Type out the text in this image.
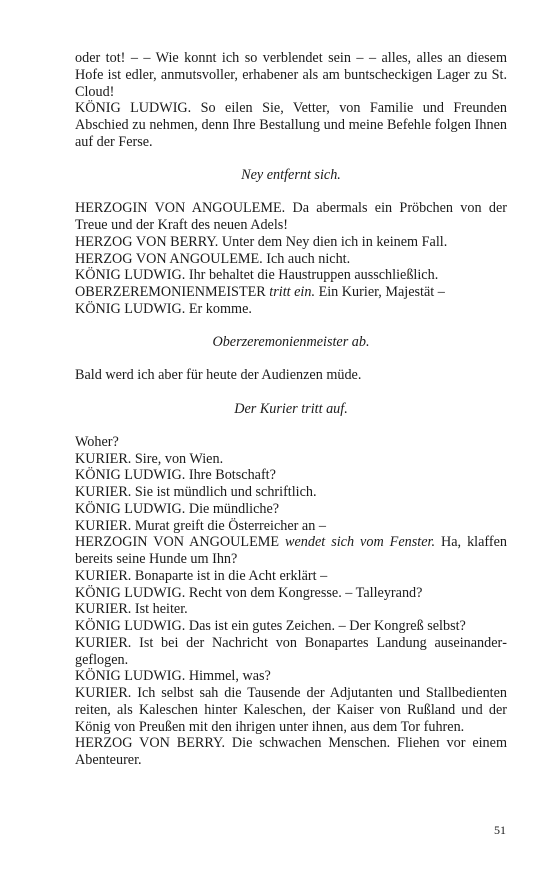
oder tot! – – Wie konnt ich so verblendet sein – – alles, alles an diesem Hofe ist edler, anmutsvoller, erhabener als am buntscheckigen Lager zu St. Cloud!

KÖNIG LUDWIG. So eilen Sie, Vetter, von Familie und Freunden Abschied zu nehmen, denn Ihre Bestallung und meine Befehle folgen Ihnen auf der Ferse.

Ney entfernt sich.

HERZOGIN VON ANGOULEME. Da abermals ein Pröbchen von der Treue und der Kraft des neuen Adels!

HERZOG VON BERRY. Unter dem Ney dien ich in keinem Fall.

HERZOG VON ANGOULEME. Ich auch nicht.

KÖNIG LUDWIG. Ihr behaltet die Haustruppen ausschließlich.

OBERZEREMONIENMEISTER tritt ein. Ein Kurier, Majestät –

KÖNIG LUDWIG. Er komme.

Oberzeremonienmeister ab.

Bald werd ich aber für heute der Audienzen müde.

Der Kurier tritt auf.

Woher?

KURIER. Sire, von Wien.

KÖNIG LUDWIG. Ihre Botschaft?

KURIER. Sie ist mündlich und schriftlich.

KÖNIG LUDWIG. Die mündliche?

KURIER. Murat greift die Österreicher an –

HERZOGIN VON ANGOULEME wendet sich vom Fenster. Ha, klaffen bereits seine Hunde um Ihn?

KURIER. Bonaparte ist in die Acht erklärt –

KÖNIG LUDWIG. Recht von dem Kongresse. – Talleyrand?

KURIER. Ist heiter.

KÖNIG LUDWIG. Das ist ein gutes Zeichen. – Der Kongreß selbst?

KURIER. Ist bei der Nachricht von Bonapartes Landung auseinandergeflogen.

KÖNIG LUDWIG. Himmel, was?

KURIER. Ich selbst sah die Tausende der Adjutanten und Stallbedienten reiten, als Kaleschen hinter Kaleschen, der Kaiser von Rußland und der König von Preußen mit den ihrigen unter ihnen, aus dem Tor fuhren.

HERZOG VON BERRY. Die schwachen Menschen. Fliehen vor einem Abenteurer.

51
